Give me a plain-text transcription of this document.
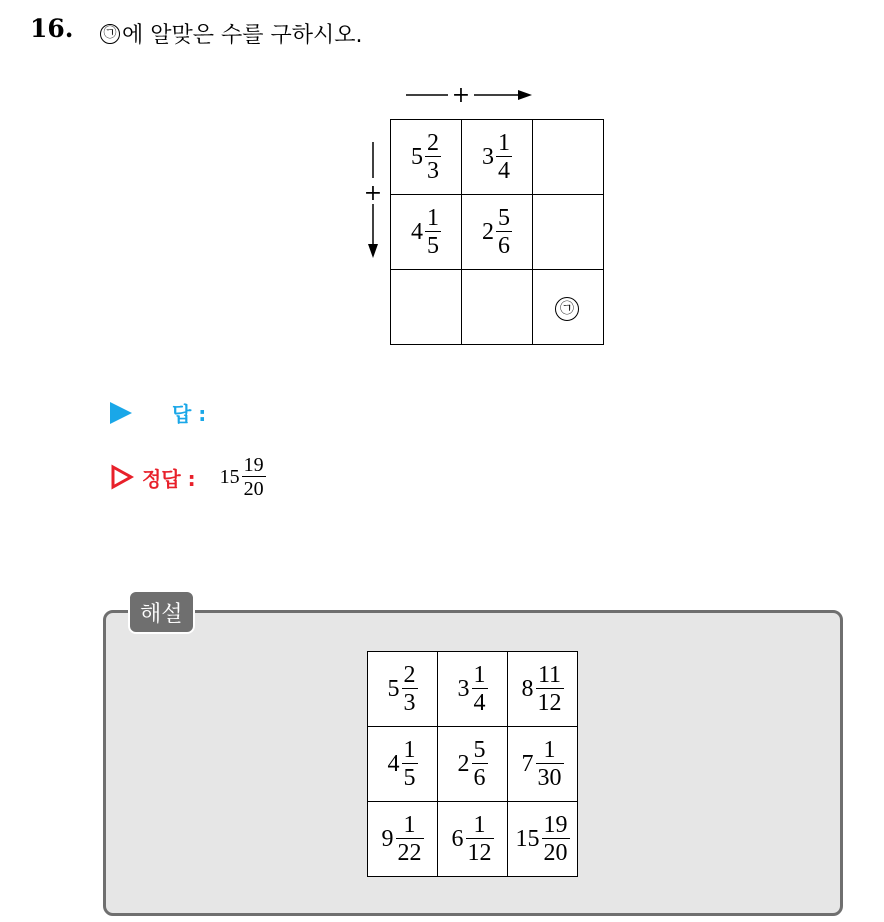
16.	㉠ 에 알맞은 수를 구하시오.
+
+
$5 \frac{2}{3}$	$3 \frac{1}{4}$

$4 \frac{1}{5}$	$2 \frac{5}{6}$

		㉠
답 :
정답 : $15 \frac{19}{20}$
해설
$5 \frac{2}{3}$	$3 \frac{1}{4}$	$8 \frac{11}{12}$

$4 \frac{1}{5}$	$2 \frac{5}{6}$	$7 \frac{1}{30}$

$9 \frac{1}{22}$	$6 \frac{1}{12}$	$15 \frac{19}{20}$
